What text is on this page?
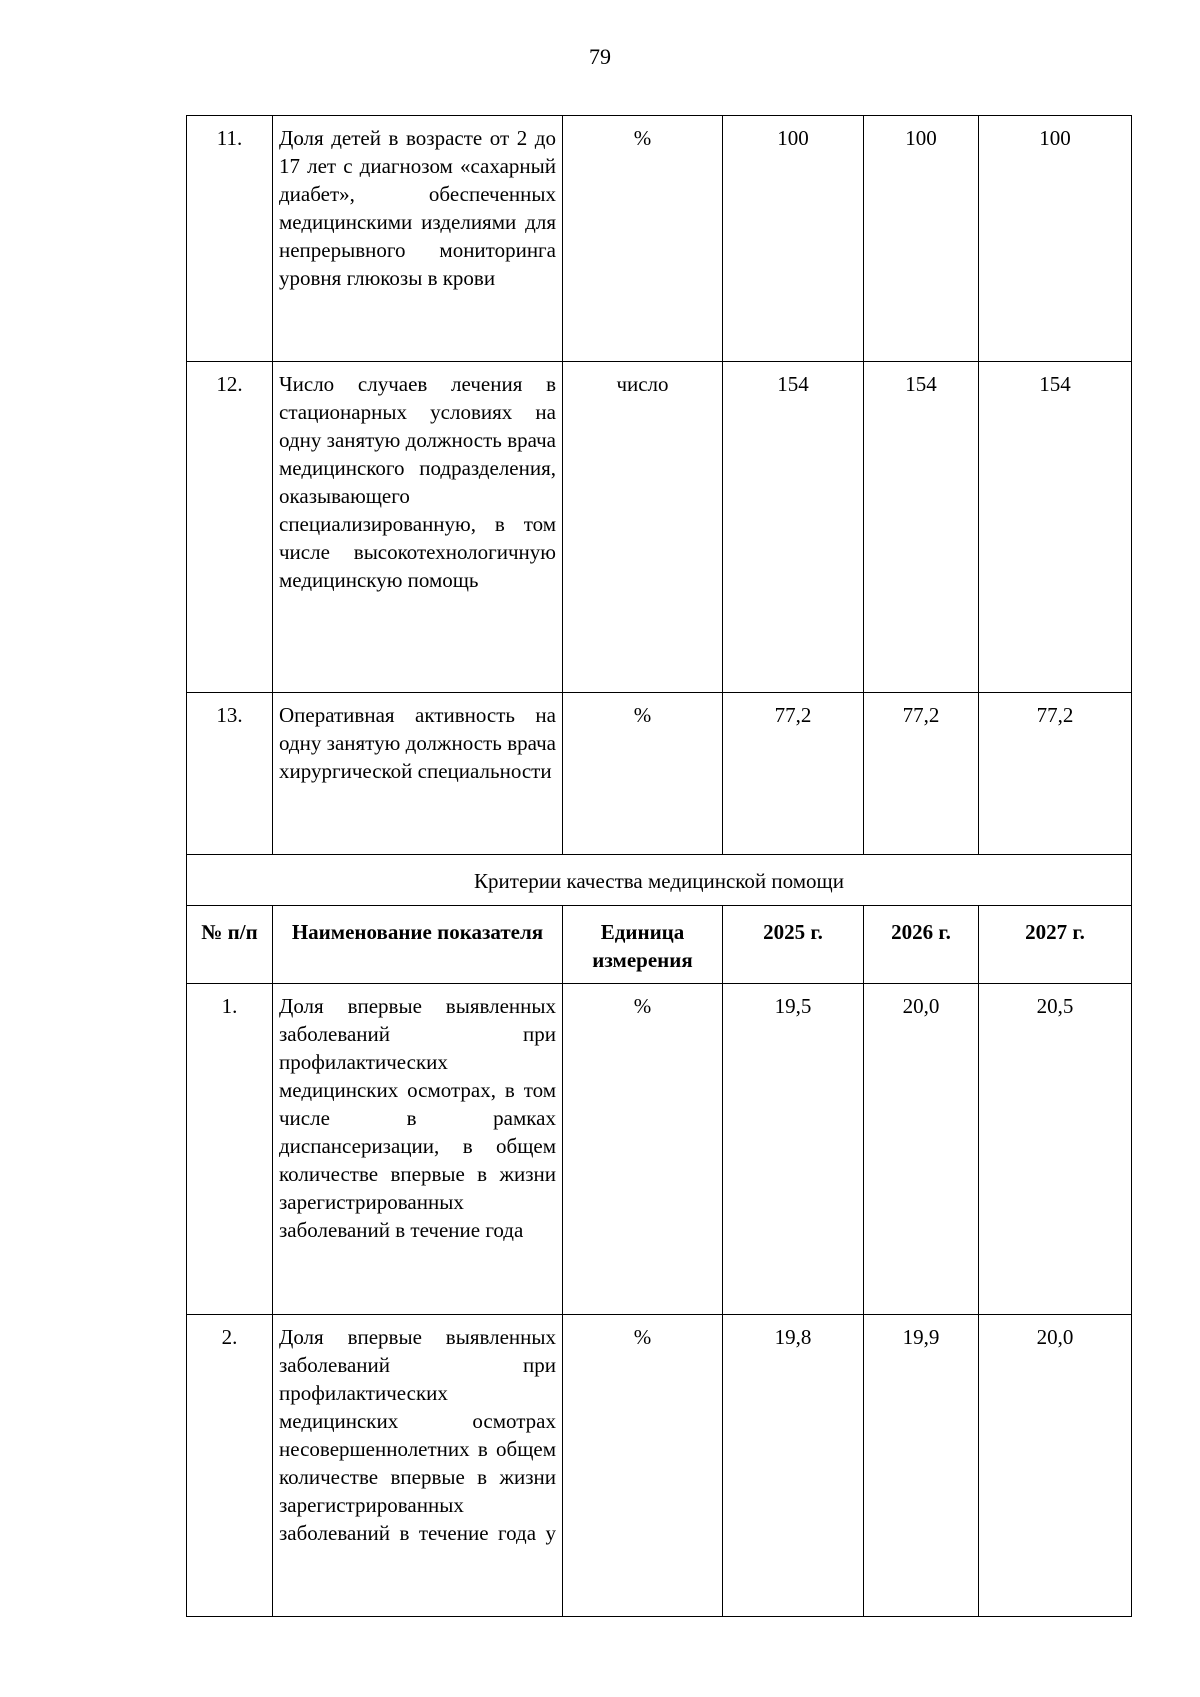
79
11.	Доля детей в возрасте от 2 до 17 лет с диагнозом «сахарный диабет», обеспеченных медицинскими изделиями для непрерывного мониторинга уровня глюкозы в крови	%	100	100	100
12.	Число случаев лечения в стационарных условиях на одну занятую должность врача медицинского подразделения, оказывающего специализированную, в том числе высокотехнологичную медицинскую помощь	число	154	154	154
13.	Оперативная активность на одну занятую должность врача хирургической специальности	%	77,2	77,2	77,2
Критерии качества медицинской помощи					
№ п/п	Наименование показателя	Единица измерения	2025 г.	2026 г.	2027 г.
1.	Доля впервые выявленных заболеваний при профилактических медицинских осмотрах, в том числе в рамках диспансеризации, в общем количестве впервые в жизни зарегистрированных заболеваний в течение года	%	19,5	20,0	20,5
2.	Доля впервые выявленных заболеваний при профилактических медицинских осмотрах несовершеннолетних в общем количестве впервые в жизни зарегистрированных заболеваний в течение года у	%	19,8	19,9	20,0
